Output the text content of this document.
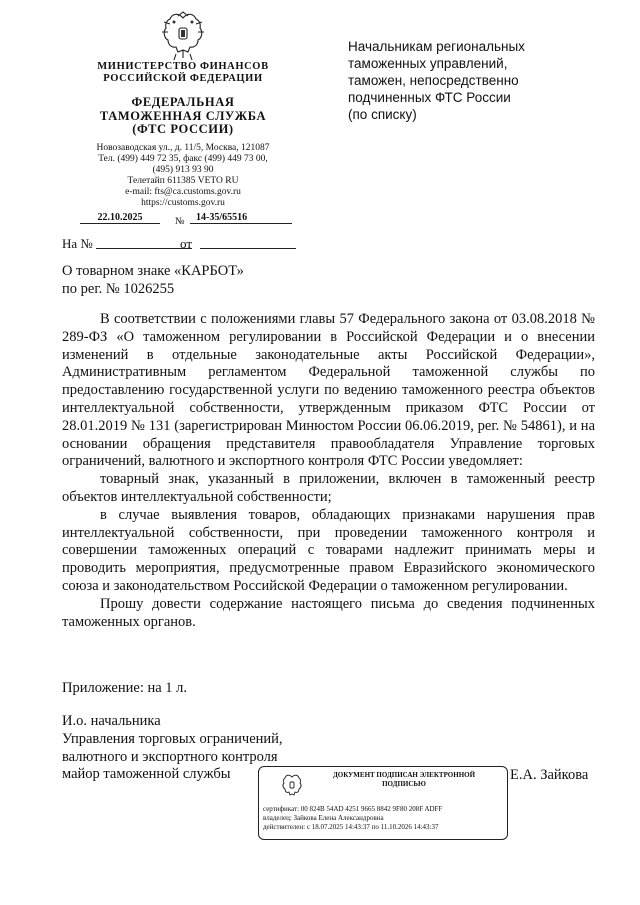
МИНИСТЕРСТВО ФИНАНСОВ
РОССИЙСКОЙ ФЕДЕРАЦИИ
ФЕДЕРАЛЬНАЯ
ТАМОЖЕННАЯ СЛУЖБА
(ФТС РОССИИ)
Новозаводская ул., д. 11/5, Москва, 121087
Тел. (499) 449 72 35, факс (499) 449 73 00,
(495) 913 93 90
Телетайп 611385 VETO RU
e-mail: fts@ca.customs.gov.ru
https://customs.gov.ru
22.10.2025	№	14-35/65516
На №	от
Начальникам региональных
таможенных управлений,
таможен, непосредственно
подчиненных ФТС России
(по списку)
О товарном знаке «КАРБОТ»
по рег. № 1026255

В соответствии с положениями главы 57 Федерального закона от 03.08.2018 № 289-ФЗ «О таможенном регулировании в Российской Федерации и о внесении изменений в отдельные законодательные акты Российской Федерации», Административным регламентом Федеральной таможенной службы по предоставлению государственной услуги по ведению таможенного реестра объектов интеллектуальной собственности, утвержденным приказом ФТС России от 28.01.2019 № 131 (зарегистрирован Минюстом России 06.06.2019, рег. № 54861), и на основании обращения представителя правообладателя Управление торговых ограничений, валютного и экспортного контроля ФТС России уведомляет:

товарный знак, указанный в приложении, включен в таможенный реестр объектов интеллектуальной собственности;

в случае выявления товаров, обладающих признаками нарушения прав интеллектуальной собственности, при проведении таможенного контроля и совершении таможенных операций с товарами надлежит принимать меры и проводить мероприятия, предусмотренные правом Евразийского экономического союза и законодательством Российской Федерации о таможенном регулировании.

Прошу довести содержание настоящего письма до сведения подчиненных таможенных органов.

Приложение: на 1 л.
И.о. начальника
Управления торговых ограничений,
валютного и экспортного контроля
майор таможенной службы	Е.А. Зайкова
ДОКУМЕНТ ПОДПИСАН ЭЛЕКТРОННОЙ
ПОДПИСЬЮ
сертификат: 00 824B 54AD 4251 9665 8842 9F80 208F ADFF
владелец: Зайкова Елена Александровна
действителен: с 18.07.2025 14:43:37 по 11.10.2026 14:43:37
